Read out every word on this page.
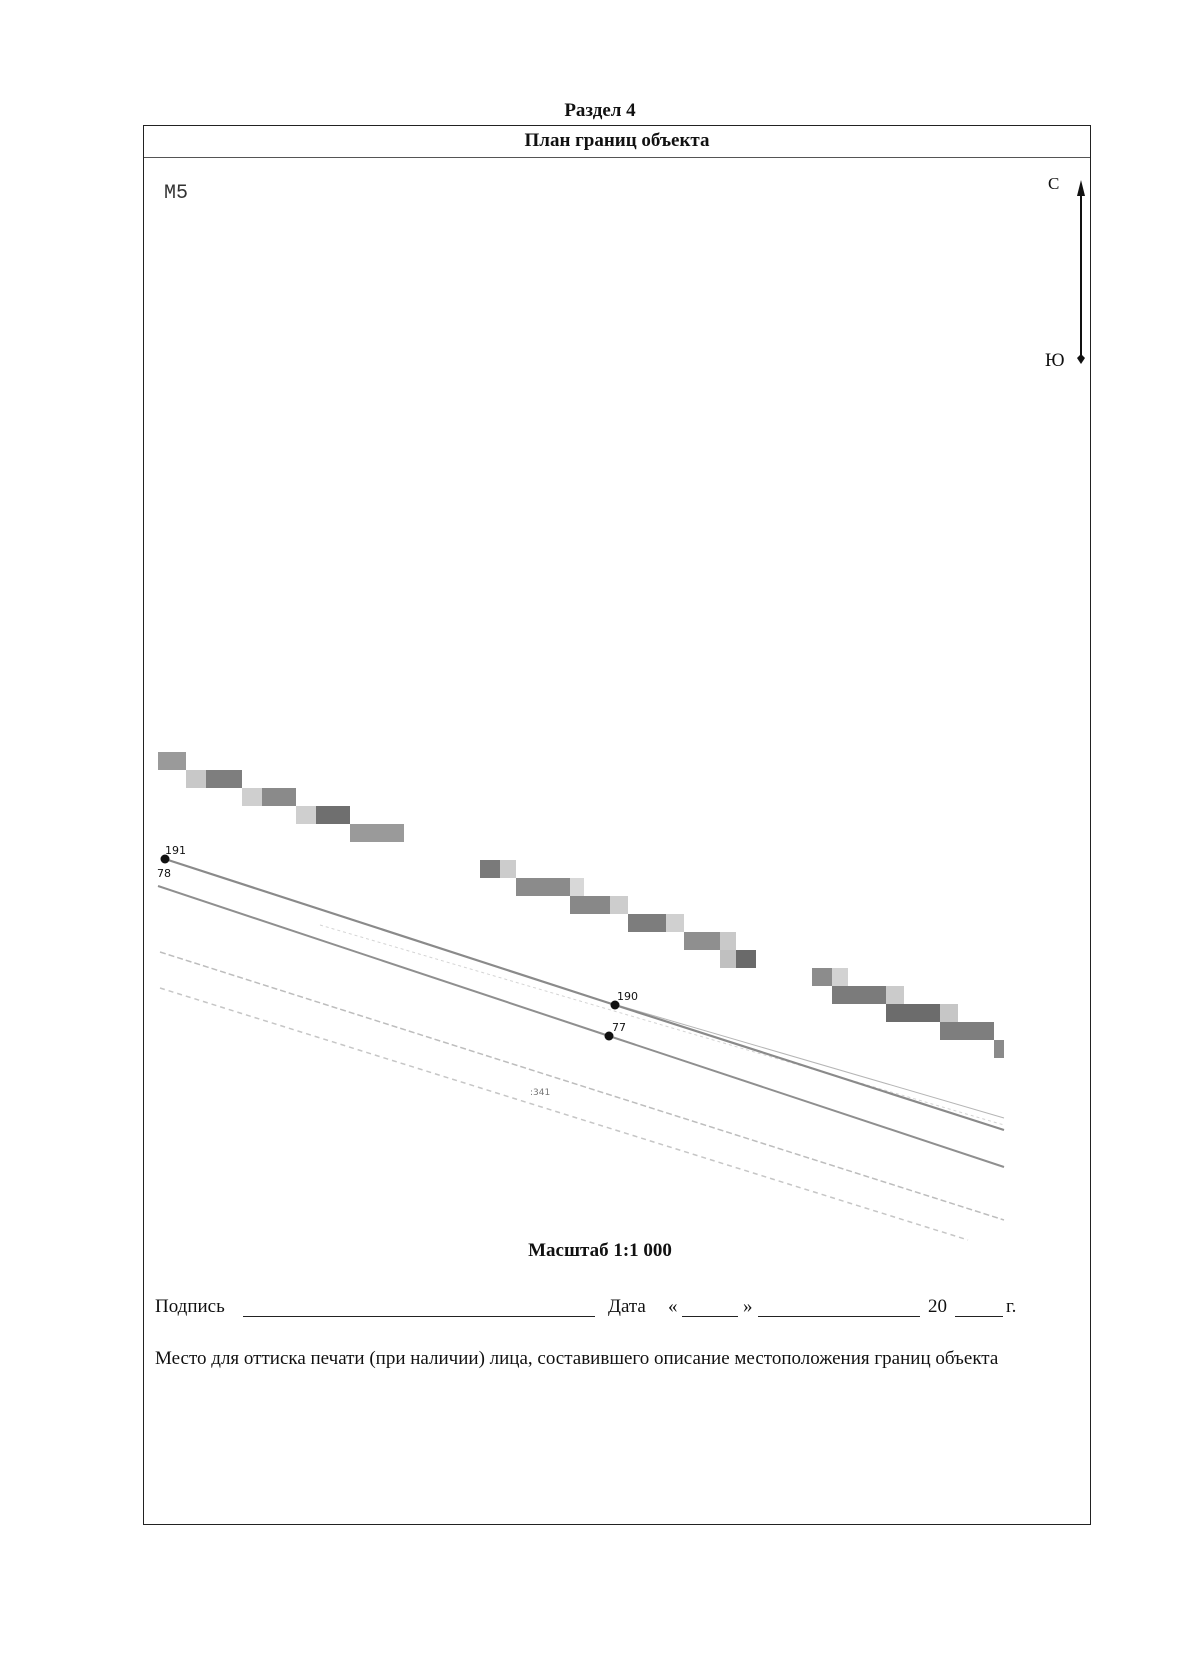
Раздел 4
План границ объекта
191
78
190
77
:341
М5	С
Ю
Масштаб 1:1 000
Подпись	Дата «	»	20	г.
Место для оттиска печати (при наличии) лица, составившего описание местоположения границ объекта
